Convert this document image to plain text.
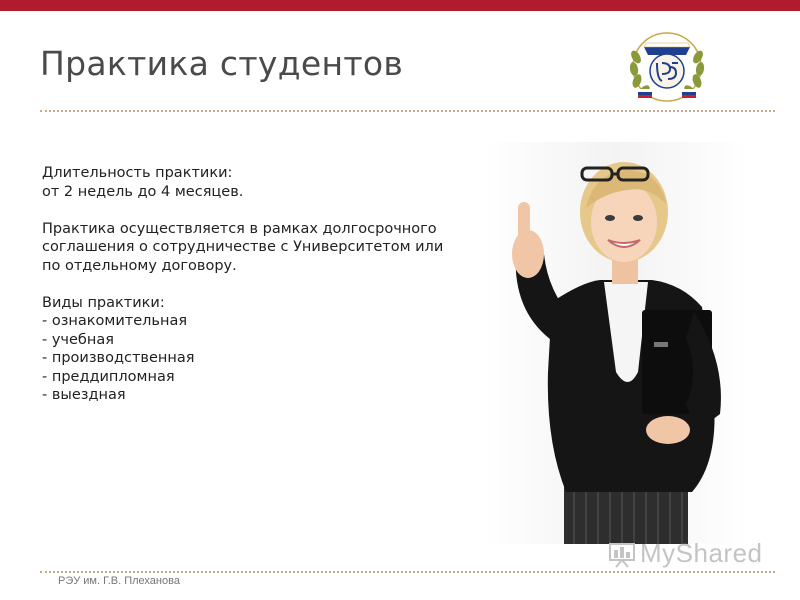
Практика студентов

Длительность практики:
от 2 недель до 4 месяцев.

Практика осуществляется в рамках долгосрочного
соглашения о сотрудничестве с Университетом или
по отдельному договору.

Виды практики:
- ознакомительная
- учебная
- производственная
- преддипломная
- выездная
РЭУ им. Г.В. Плеханова
MyShared
